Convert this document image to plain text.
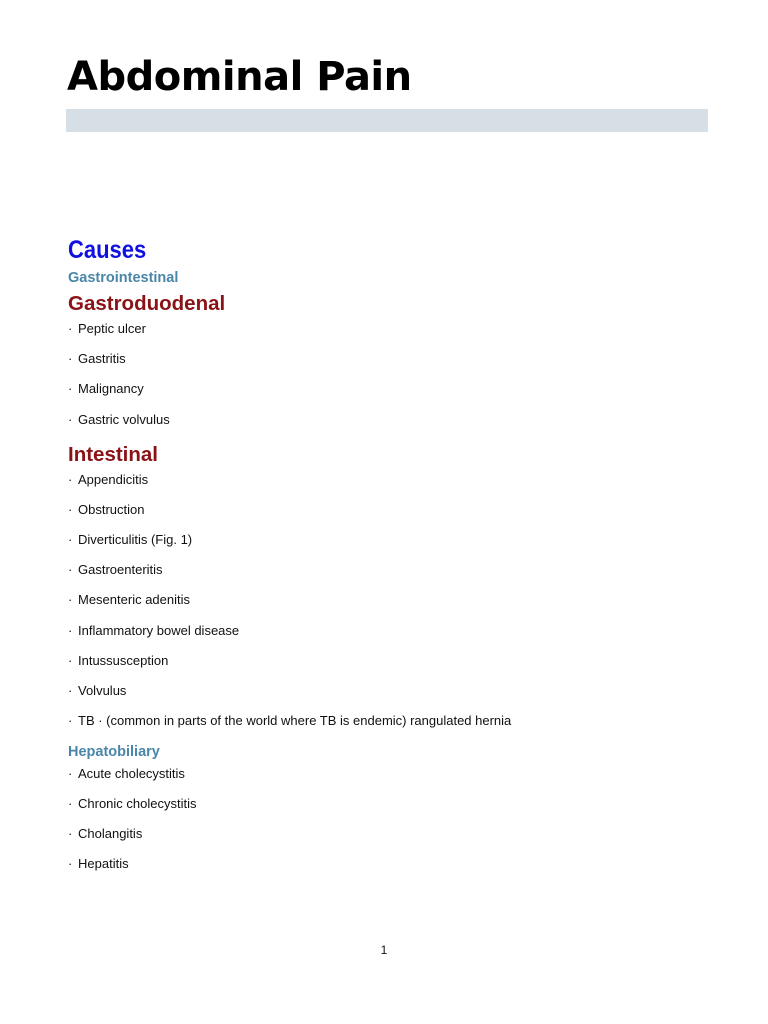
Abdominal Pain
Causes
Gastrointestinal
Gastroduodenal
· Peptic ulcer
· Gastritis
· Malignancy
· Gastric volvulus
Intestinal
· Appendicitis
· Obstruction
· Diverticulitis (Fig. 1)
· Gastroenteritis
· Mesenteric adenitis
· Inflammatory bowel disease
· Intussusception
· Volvulus
· TB · (common in parts of the world where TB is endemic) rangulated hernia
Hepatobiliary
· Acute cholecystitis
· Chronic cholecystitis
· Cholangitis
· Hepatitis
1
